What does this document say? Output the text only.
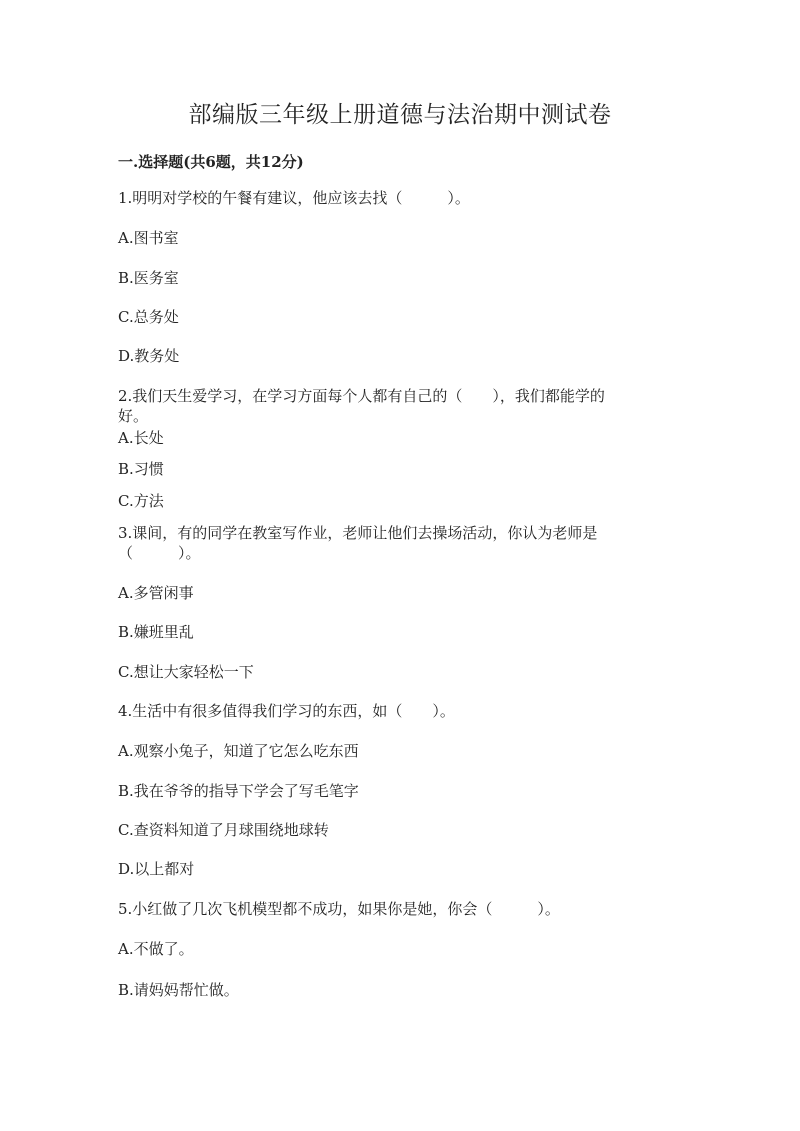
部编版三年级上册道德与法治期中测试卷
一.选择题(共6题，共12分)
1.明明对学校的午餐有建议，他应该去找（　　　）。
A.图书室
B.医务室
C.总务处
D.教务处
2.我们天生爱学习，在学习方面每个人都有自己的（　　），我们都能学的
好。
A.长处
B.习惯
C.方法
3.课间，有的同学在教室写作业，老师让他们去操场活动，你认为老师是
（　　　）。
A.多管闲事
B.嫌班里乱
C.想让大家轻松一下
4.生活中有很多值得我们学习的东西，如（　　）。
A.观察小兔子，知道了它怎么吃东西
B.我在爷爷的指导下学会了写毛笔字
C.查资料知道了月球围绕地球转
D.以上都对
5.小红做了几次飞机模型都不成功，如果你是她，你会（　　　）。
A.不做了。
B.请妈妈帮忙做。
